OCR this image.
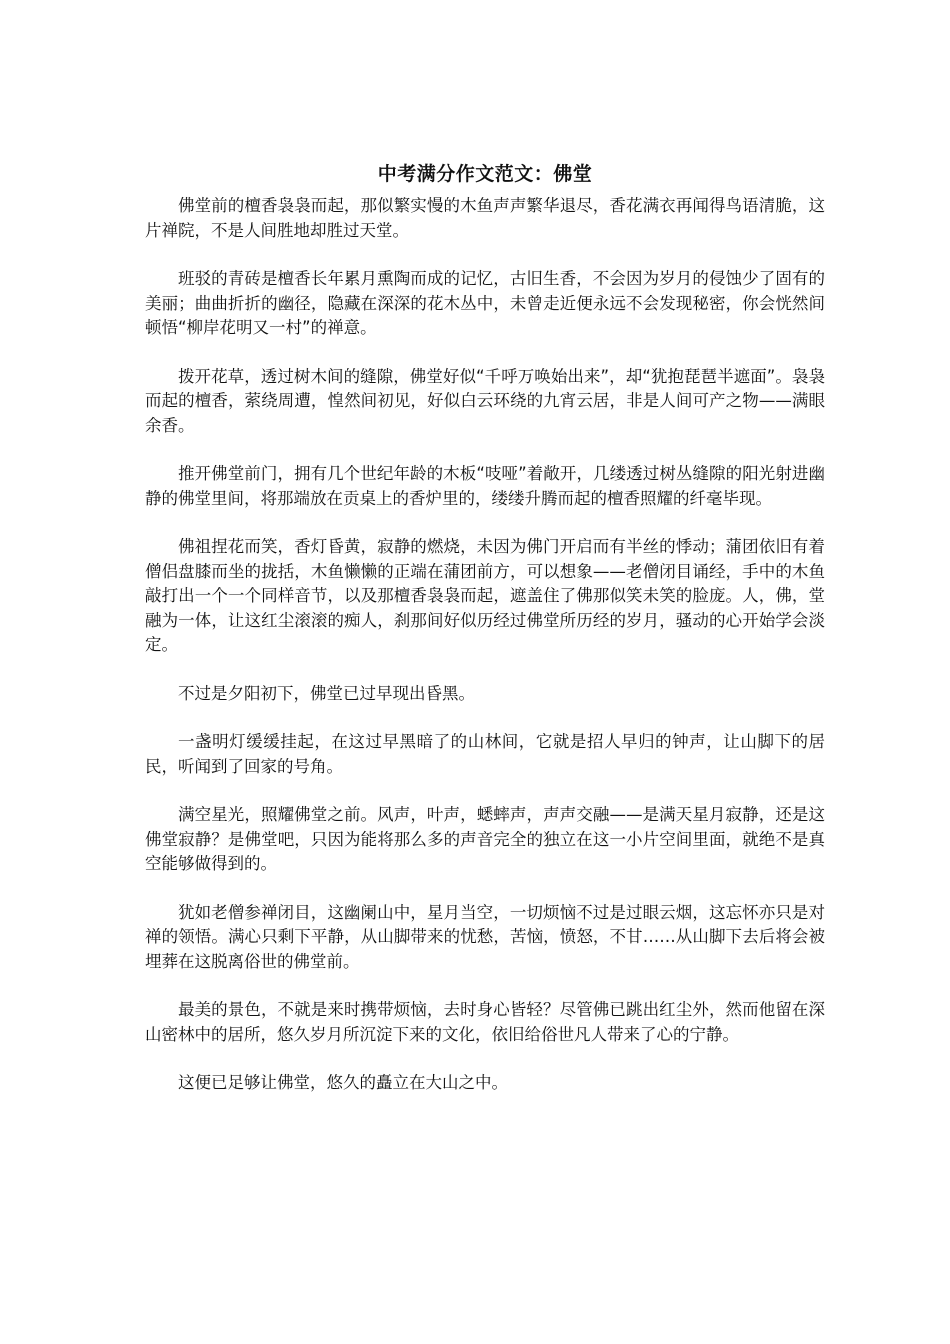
中考满分作文范文：佛堂

佛堂前的檀香袅袅而起，那似繁实慢的木鱼声声繁华退尽，香花满衣再闻得鸟语清脆，这片禅院，不是人间胜地却胜过天堂。

班驳的青砖是檀香长年累月熏陶而成的记忆，古旧生香，不会因为岁月的侵蚀少了固有的美丽；曲曲折折的幽径，隐藏在深深的花木丛中，未曾走近便永远不会发现秘密，你会恍然间顿悟“柳岸花明又一村”的禅意。

拨开花草，透过树木间的缝隙，佛堂好似“千呼万唤始出来”，却“犹抱琵琶半遮面”。袅袅而起的檀香，萦绕周遭，惶然间初见，好似白云环绕的九宵云居，非是人间可产之物——满眼余香。

推开佛堂前门，拥有几个世纪年龄的木板“吱哑”着敞开，几缕透过树丛缝隙的阳光射进幽静的佛堂里间，将那端放在贡桌上的香炉里的，缕缕升腾而起的檀香照耀的纤毫毕现。

佛祖捏花而笑，香灯昏黄，寂静的燃烧，未因为佛门开启而有半丝的悸动；蒲团依旧有着僧侣盘膝而坐的拢括，木鱼懒懒的正端在蒲团前方，可以想象——老僧闭目诵经，手中的木鱼敲打出一个一个同样音节，以及那檀香袅袅而起，遮盖住了佛那似笑未笑的脸庞。人，佛，堂融为一体，让这红尘滚滚的痴人，刹那间好似历经过佛堂所历经的岁月，骚动的心开始学会淡定。

不过是夕阳初下，佛堂已过早现出昏黑。

一盏明灯缓缓挂起，在这过早黑暗了的山林间，它就是招人早归的钟声，让山脚下的居民，听闻到了回家的号角。

满空星光，照耀佛堂之前。风声，叶声，蟋蟀声，声声交融——是满天星月寂静，还是这佛堂寂静？是佛堂吧，只因为能将那么多的声音完全的独立在这一小片空间里面，就绝不是真空能够做得到的。

犹如老僧参禅闭目，这幽阑山中，星月当空，一切烦恼不过是过眼云烟，这忘怀亦只是对禅的领悟。满心只剩下平静，从山脚带来的忧愁，苦恼，愤怒，不甘……从山脚下去后将会被埋葬在这脱离俗世的佛堂前。

最美的景色，不就是来时携带烦恼，去时身心皆轻？尽管佛已跳出红尘外，然而他留在深山密林中的居所，悠久岁月所沉淀下来的文化，依旧给俗世凡人带来了心的宁静。

这便已足够让佛堂，悠久的矗立在大山之中。
